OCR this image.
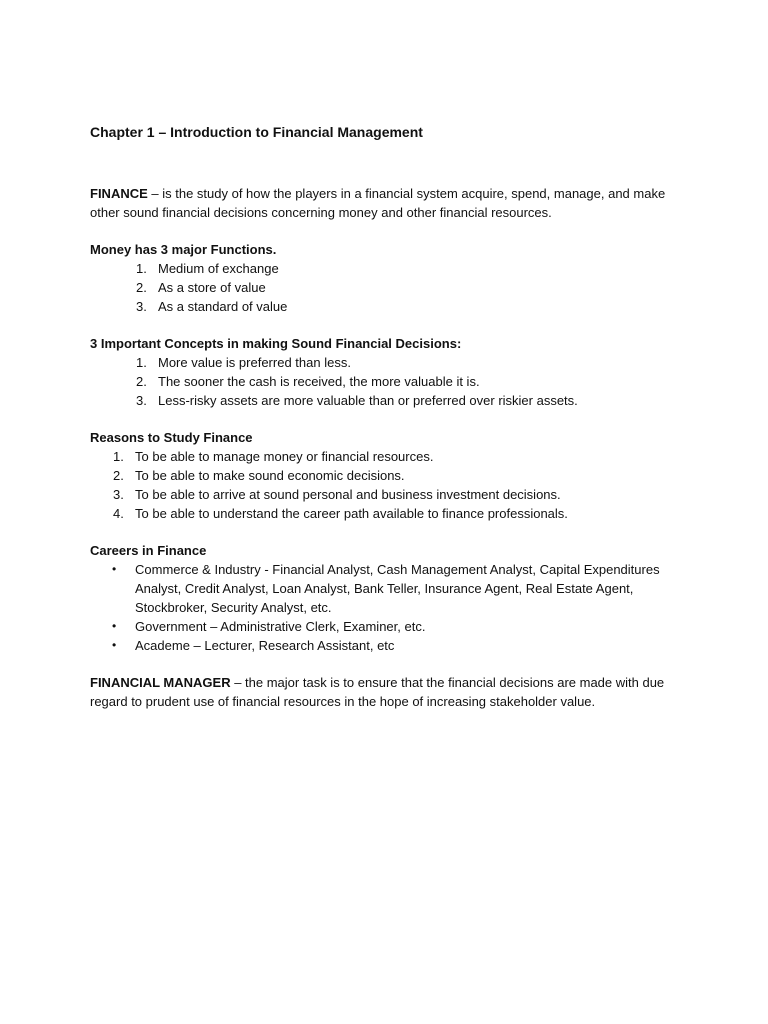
Chapter 1 – Introduction to Financial Management

FINANCE – is the study of how the players in a financial system acquire, spend, manage, and make other sound financial decisions concerning money and other financial resources.

Money has 3 major Functions.

1. Medium of exchange
2. As a store of value
3. As a standard of value

3 Important Concepts in making Sound Financial Decisions:

1. More value is preferred than less.
2. The sooner the cash is received, the more valuable it is.
3. Less-risky assets are more valuable than or preferred over riskier assets.

Reasons to Study Finance

1. To be able to manage money or financial resources.
2. To be able to make sound economic decisions.
3. To be able to arrive at sound personal and business investment decisions.
4. To be able to understand the career path available to finance professionals.

Careers in Finance

•	Commerce & Industry - Financial Analyst, Cash Management Analyst, Capital Expenditures Analyst, Credit Analyst, Loan Analyst, Bank Teller, Insurance Agent, Real Estate Agent, Stockbroker, Security Analyst, etc.
•	Government – Administrative Clerk, Examiner, etc.
•	Academe – Lecturer, Research Assistant, etc

FINANCIAL MANAGER – the major task is to ensure that the financial decisions are made with due regard to prudent use of financial resources in the hope of increasing stakeholder value.
